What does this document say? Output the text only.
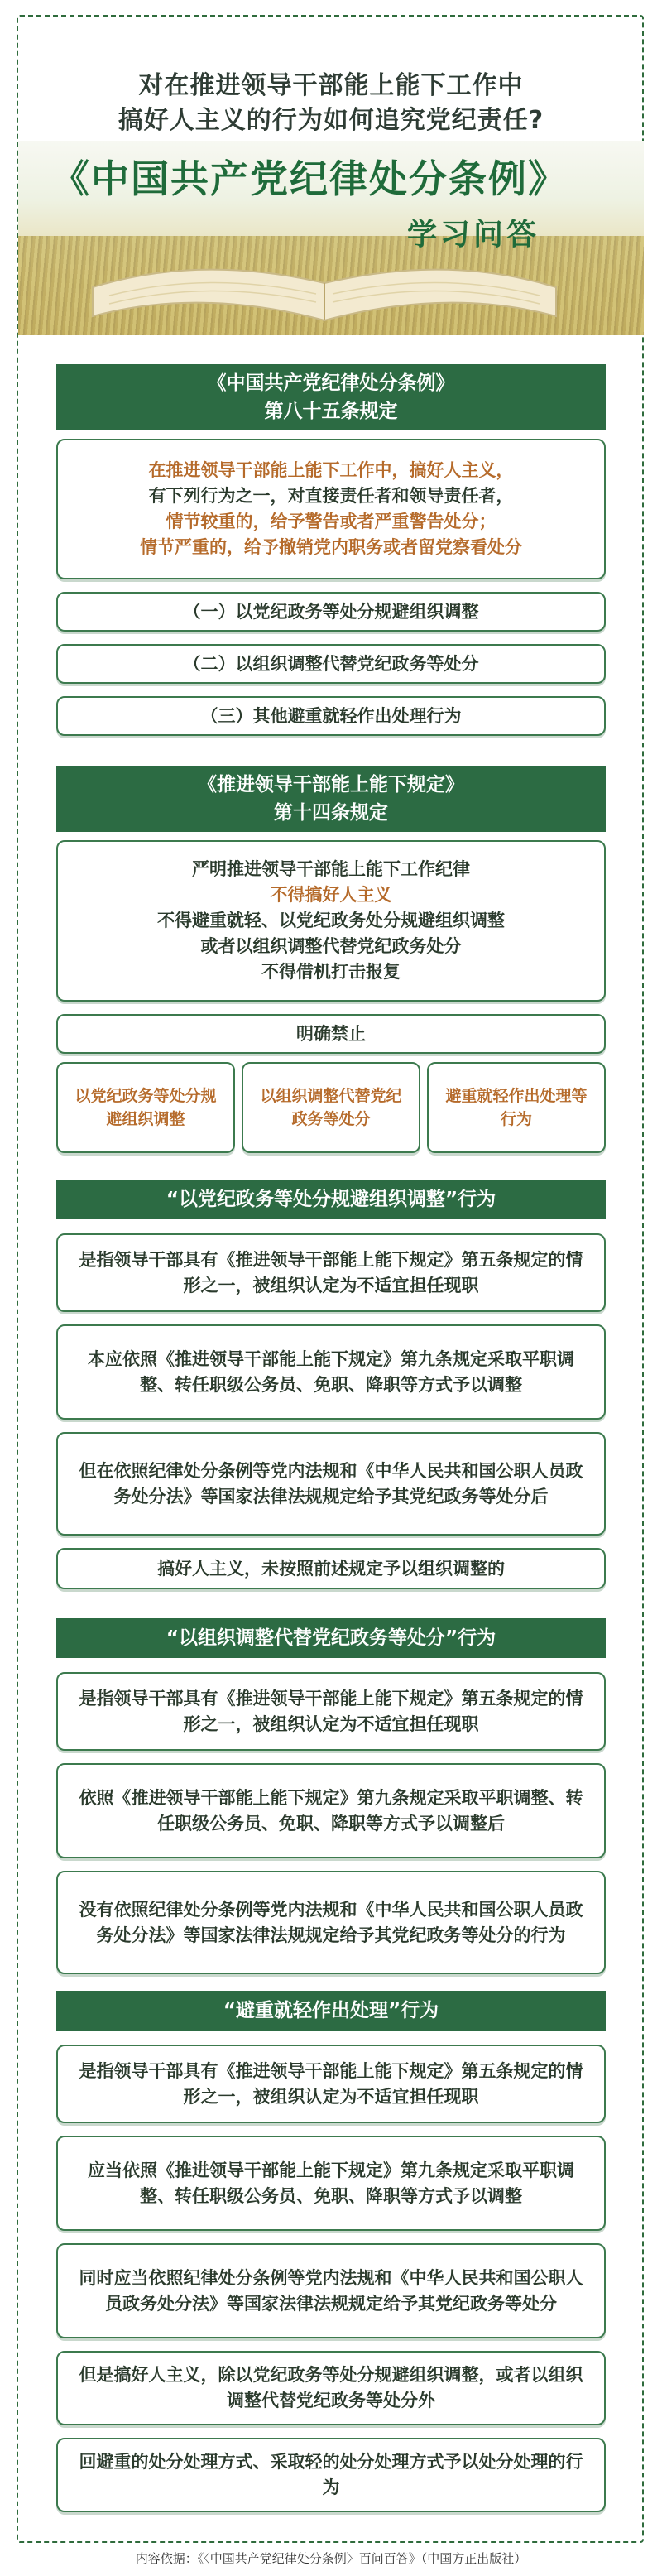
对在推进领导干部能上能下工作中
搞好人主义的行为如何追究党纪责任?
《中国共产党纪律处分条例》
学习问答
《中国共产党纪律处分条例》
第八十五条规定
在推进领导干部能上能下工作中，搞好人主义，
有下列行为之一，对直接责任者和领导责任者，
情节较重的，给予警告或者严重警告处分；
情节严重的，给予撤销党内职务或者留党察看处分
（一）以党纪政务等处分规避组织调整
（二）以组织调整代替党纪政务等处分
（三）其他避重就轻作出处理行为
《推进领导干部能上能下规定》
第十四条规定
严明推进领导干部能上能下工作纪律
不得搞好人主义
不得避重就轻、以党纪政务处分规避组织调整
或者以组织调整代替党纪政务处分
不得借机打击报复
明确禁止
以党纪政务等处分规避组织调整
以组织调整代替党纪政务等处分
避重就轻作出处理等行为
“以党纪政务等处分规避组织调整”行为
是指领导干部具有《推进领导干部能上能下规定》第五条规定的情形之一，被组织认定为不适宜担任现职
本应依照《推进领导干部能上能下规定》第九条规定采取平职调整、转任职级公务员、免职、降职等方式予以调整
但在依照纪律处分条例等党内法规和《中华人民共和国公职人员政务处分法》等国家法律法规规定给予其党纪政务等处分后
搞好人主义，未按照前述规定予以组织调整的
“以组织调整代替党纪政务等处分”行为
是指领导干部具有《推进领导干部能上能下规定》第五条规定的情形之一，被组织认定为不适宜担任现职
依照《推进领导干部能上能下规定》第九条规定采取平职调整、转任职级公务员、免职、降职等方式予以调整后
没有依照纪律处分条例等党内法规和《中华人民共和国公职人员政务处分法》等国家法律法规规定给予其党纪政务等处分的行为
“避重就轻作出处理”行为
是指领导干部具有《推进领导干部能上能下规定》第五条规定的情形之一，被组织认定为不适宜担任现职
应当依照《推进领导干部能上能下规定》第九条规定采取平职调整、转任职级公务员、免职、降职等方式予以调整
同时应当依照纪律处分条例等党内法规和《中华人民共和国公职人员政务处分法》等国家法律法规规定给予其党纪政务等处分
但是搞好人主义，除以党纪政务等处分规避组织调整，或者以组织调整代替党纪政务等处分外
回避重的处分处理方式、采取轻的处分处理方式予以处分处理的行为
内容依据：《〈中国共产党纪律处分条例〉百问百答》（中国方正出版社）
